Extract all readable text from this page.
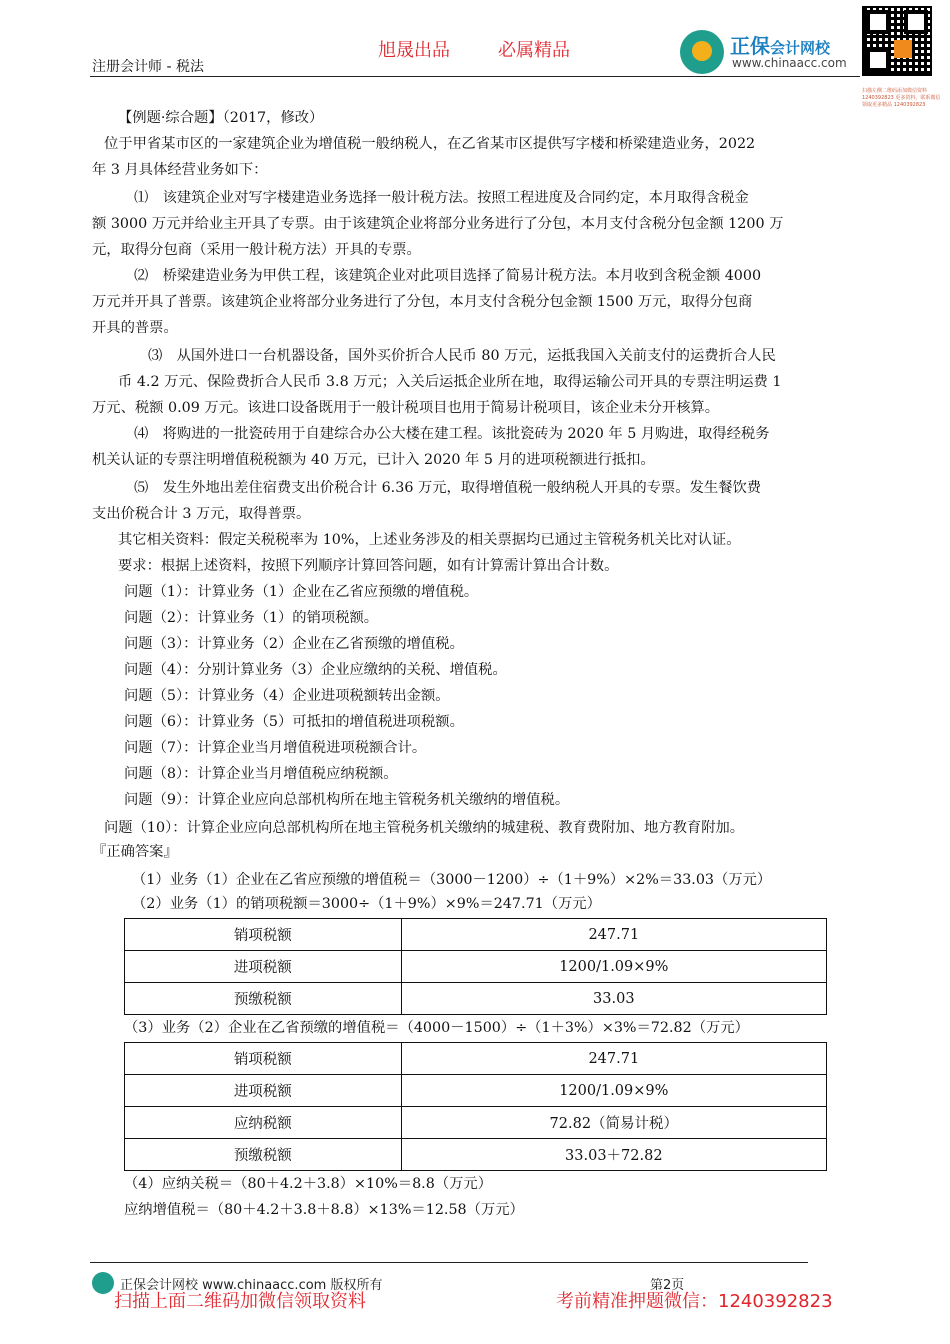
注册会计师 - 税法
旭晟出品	必属精品	正保会计网校
www.chinaacc.com
扫描左侧二维码添加微信资料 1240392823 更多资料，联系微信领取更多精品 1240392823
【例题·综合题】（2017，修改）
位于甲省某市区的一家建筑企业为增值税一般纳税人，在乙省某市区提供写字楼和桥梁建造业务，2022
年 3 月具体经营业务如下：
⑴　该建筑企业对写字楼建造业务选择一般计税方法。按照工程进度及合同约定，本月取得含税金
额 3000 万元并给业主开具了专票。由于该建筑企业将部分业务进行了分包，本月支付含税分包金额 1200 万
元，取得分包商（采用一般计税方法）开具的专票。
⑵　桥梁建造业务为甲供工程，该建筑企业对此项目选择了简易计税方法。本月收到含税金额 4000
万元并开具了普票。该建筑企业将部分业务进行了分包，本月支付含税分包金额 1500 万元，取得分包商
开具的普票。
⑶　从国外进口一台机器设备，国外买价折合人民币 80 万元，运抵我国入关前支付的运费折合人民
币 4.2 万元、保险费折合人民币 3.8 万元；入关后运抵企业所在地，取得运输公司开具的专票注明运费 1
万元、税额 0.09 万元。该进口设备既用于一般计税项目也用于简易计税项目，该企业未分开核算。
⑷　将购进的一批瓷砖用于自建综合办公大楼在建工程。该批瓷砖为 2020 年 5 月购进，取得经税务
机关认证的专票注明增值税税额为 40 万元，已计入 2020 年 5 月的进项税额进行抵扣。
⑸　发生外地出差住宿费支出价税合计 6.36 万元，取得增值税一般纳税人开具的专票。发生餐饮费
支出价税合计 3 万元，取得普票。
其它相关资料：假定关税税率为 10%，上述业务涉及的相关票据均已通过主管税务机关比对认证。
要求：根据上述资料，按照下列顺序计算回答问题，如有计算需计算出合计数。
问题（1）：计算业务（1）企业在乙省应预缴的增值税。
问题（2）：计算业务（1）的销项税额。
问题（3）：计算业务（2）企业在乙省预缴的增值税。
问题（4）：分别计算业务（3）企业应缴纳的关税、增值税。
问题（5）：计算业务（4）企业进项税额转出金额。
问题（6）：计算业务（5）可抵扣的增值税进项税额。
问题（7）：计算企业当月增值税进项税额合计。
问题（8）：计算企业当月增值税应纳税额。
问题（9）：计算企业应向总部机构所在地主管税务机关缴纳的增值税。
问题（10）：计算企业应向总部机构所在地主管税务机关缴纳的城建税、教育费附加、地方教育附加。
『正确答案』
（1）业务（1）企业在乙省应预缴的增值税＝（3000－1200）÷（1＋9%）×2%＝33.03（万元）
（2）业务（1）的销项税额＝3000÷（1＋9%）×9%＝247.71（万元）
销项税额	247.71
进项税额	1200/1.09×9%
预缴税额	33.03
（3）业务（2）企业在乙省预缴的增值税＝（4000－1500）÷（1＋3%）×3%＝72.82（万元）
销项税额	247.71
进项税额	1200/1.09×9%
应纳税额	72.82（简易计税）
预缴税额	33.03＋72.82
（4）应纳关税＝（80＋4.2＋3.8）×10%＝8.8（万元）
应纳增值税＝（80＋4.2＋3.8＋8.8）×13%＝12.58（万元）
正保会计网校 www.chinaacc.com 版权所有	第2页
扫描上面二维码加微信领取资料	考前精准押题微信：1240392823
